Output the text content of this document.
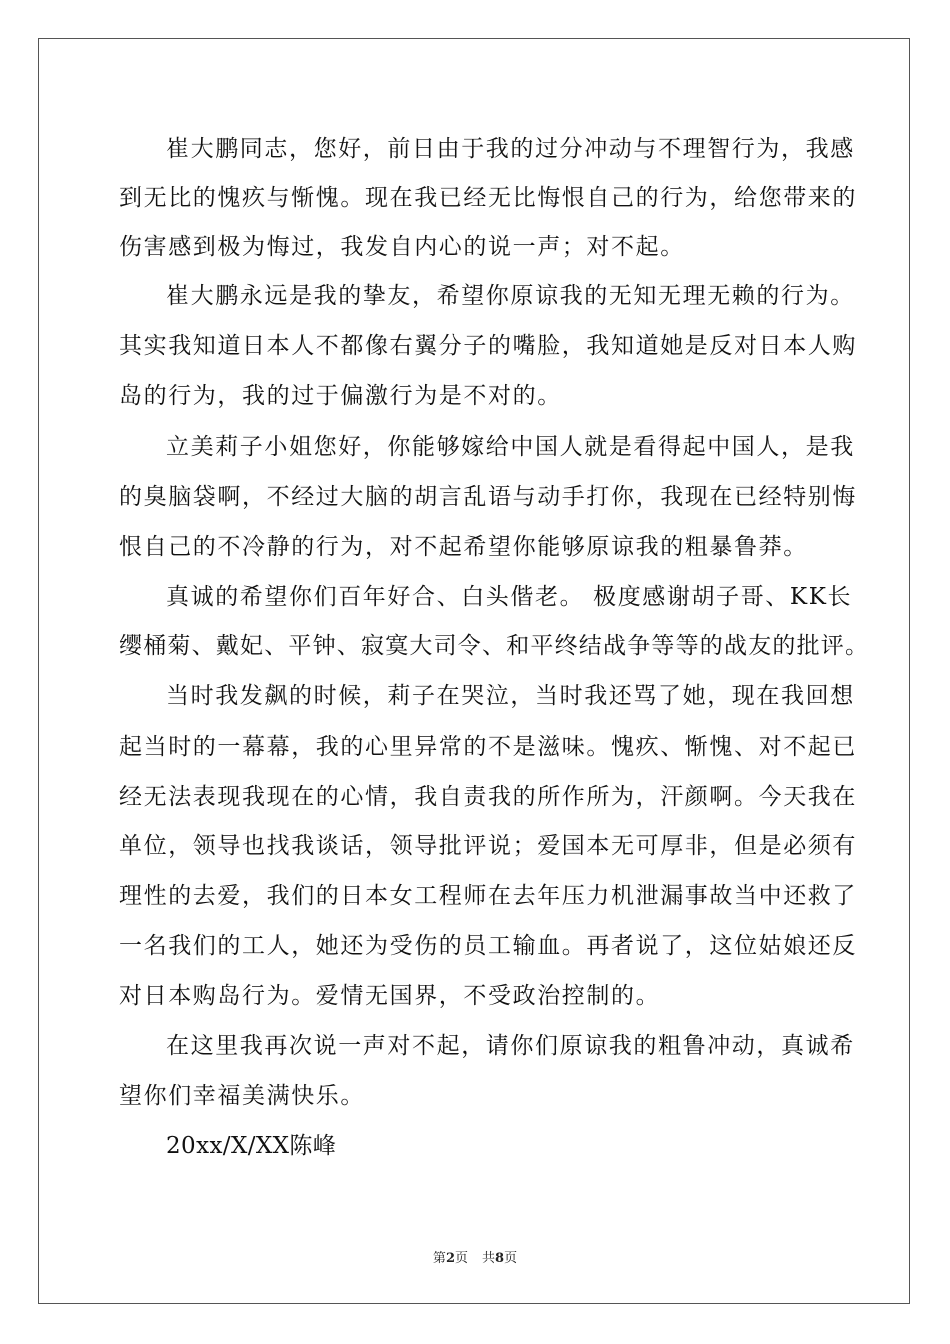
崔大鹏同志，您好，前日由于我的过分冲动与不理智行为，我感
到无比的愧疚与惭愧。现在我已经无比悔恨自己的行为，给您带来的
伤害感到极为悔过，我发自内心的说一声；对不起。
崔大鹏永远是我的挚友，希望你原谅我的无知无理无赖的行为。
其实我知道日本人不都像右翼分子的嘴脸，我知道她是反对日本人购
岛的行为，我的过于偏激行为是不对的。
立美莉子小姐您好，你能够嫁给中国人就是看得起中国人，是我
的臭脑袋啊，不经过大脑的胡言乱语与动手打你，我现在已经特别悔
恨自己的不冷静的行为，对不起希望你能够原谅我的粗暴鲁莽。
真诚的希望你们百年好合、白头偕老。 极度感谢胡子哥、KK长
缨桶菊、戴妃、平钟、寂寞大司令、和平终结战争等等的战友的批评。
当时我发飙的时候，莉子在哭泣，当时我还骂了她，现在我回想
起当时的一幕幕，我的心里异常的不是滋味。愧疚、惭愧、对不起已
经无法表现我现在的心情，我自责我的所作所为，汗颜啊。今天我在
单位，领导也找我谈话，领导批评说；爱国本无可厚非，但是必须有
理性的去爱，我们的日本女工程师在去年压力机泄漏事故当中还救了
一名我们的工人，她还为受伤的员工输血。再者说了，这位姑娘还反
对日本购岛行为。爱情无国界，不受政治控制的。
在这里我再次说一声对不起，请你们原谅我的粗鲁冲动，真诚希
望你们幸福美满快乐。
20xx/X/XX陈峰
第2页 共8页
